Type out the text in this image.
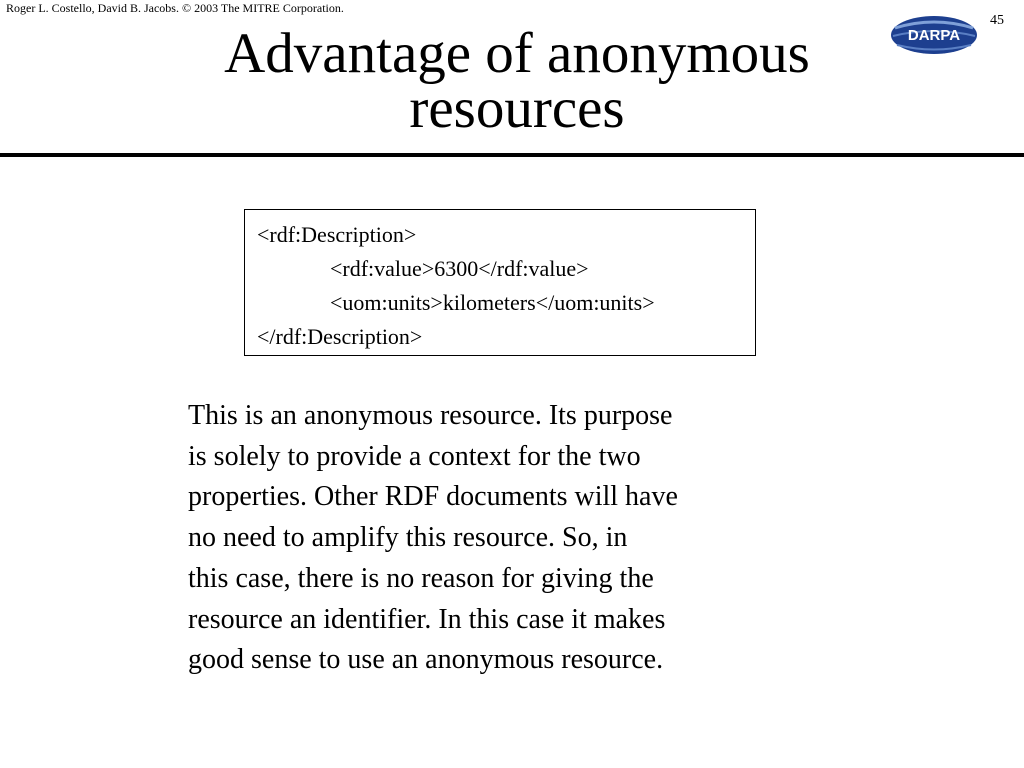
Roger L. Costello, David B. Jacobs. © 2003 The MITRE Corporation.
45
DARPA
Advantage of anonymous
resources
<rdf:Description>
<rdf:value>6300</rdf:value>
<uom:units>kilometers</uom:units>
</rdf:Description>
This is an anonymous resource. Its purpose
is solely to provide a context for the two
properties. Other RDF documents will have
no need to amplify this resource. So, in
this case, there is no reason for giving the
resource an identifier. In this case it makes
good sense to use an anonymous resource.
